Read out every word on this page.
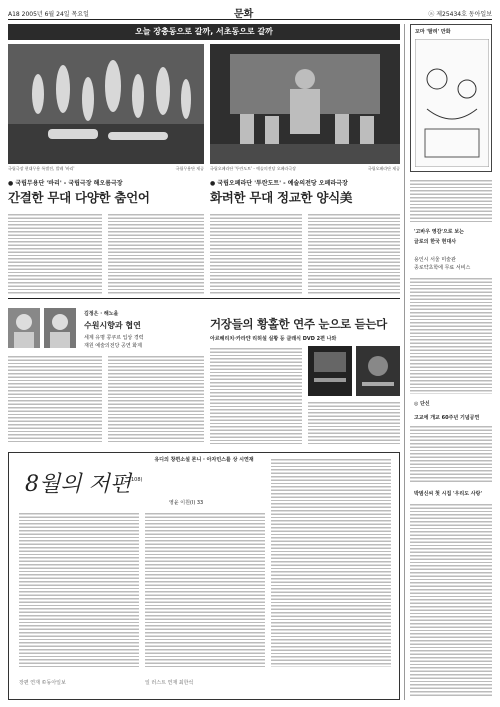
A18 2005년 6월 24일 목요일	문화	ⓐ 제25434호 동아일보
오늘 장충동으로 갈까, 서초동으로 갈까
국립극장 현대무용 특별전, 발레 '바리'	국립무용단 제공 국립오페라단 '투란도트' - 예술의전당 오페라극장	국립오페라단 제공
● 국립무용단 '바리' - 국립극장 해오름극장
간결한 무대 다양한 춤언어
● 국립오페라단 '투란도트' - 예술의전당 오페라극장
화려한 무대 정교한 양식美
김정은 · 해노을
수원시향과 협연
세계 유명 콩쿠르 입상 경력
재원 예술의전당 공연 화제
거장들의 황홀한 연주 눈으로 듣는다
아르헤리치·카라얀 리허설 실황 등 클래식 DVD 2편 나와
유디의 창편소설 론니 · 아자민스를 상 시연재
8월의 저편
(108)
영윤 이원(Ⅰ) 33
장편 연재 ©동아일보	일 러스트 연재 최한석
꼬마 '팔려' 만화
'고바우 영감'으로 보는
글로의 한국 현대사
용인시 서울 미술관
종로약초학에 무료 서비스
◎ 단신
고교에 개교 60주년 기념공연
박범신씨 첫 시집 '우리도 사랑'
